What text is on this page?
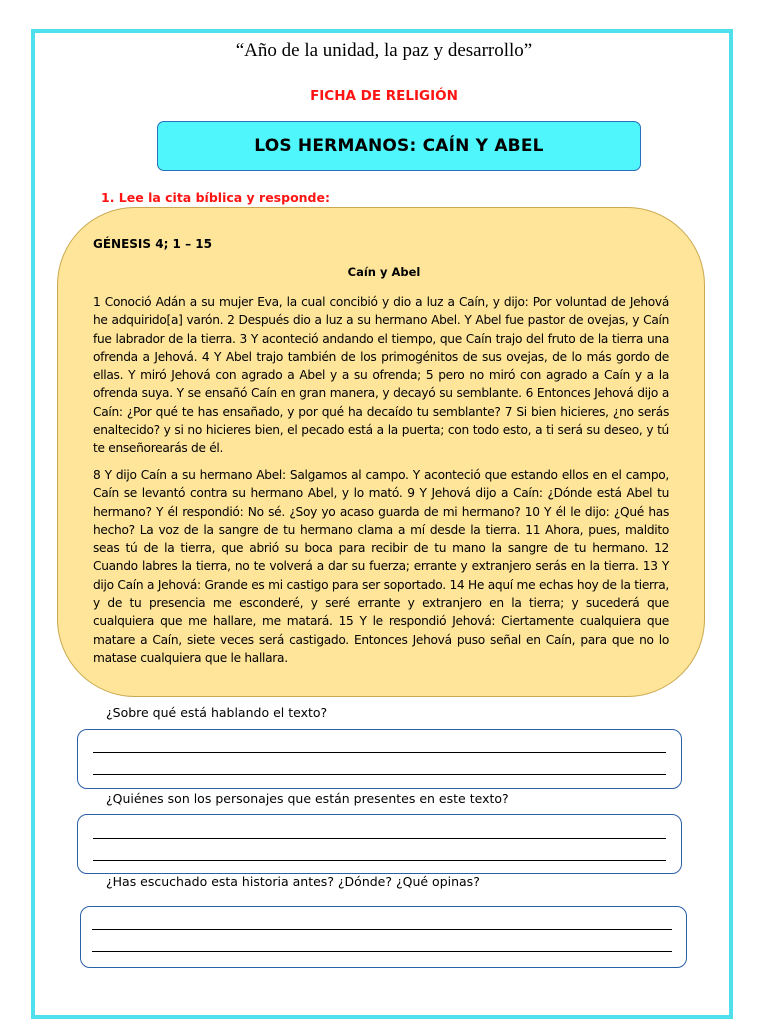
“Año de la unidad, la paz y desarrollo”
FICHA DE RELIGIÓN
LOS HERMANOS: CAÍN Y ABEL
1. Lee la cita bíblica y responde:
GÉNESIS 4; 1 – 15
Caín y Abel

1 Conoció Adán a su mujer Eva, la cual concibió y dio a luz a Caín, y dijo: Por voluntad de Jehová he adquirido[a] varón. 2 Después dio a luz a su hermano Abel. Y Abel fue pastor de ovejas, y Caín fue labrador de la tierra. 3 Y aconteció andando el tiempo, que Caín trajo del fruto de la tierra una ofrenda a Jehová. 4 Y Abel trajo también de los primogénitos de sus ovejas, de lo más gordo de ellas. Y miró Jehová con agrado a Abel y a su ofrenda; 5 pero no miró con agrado a Caín y a la ofrenda suya. Y se ensañó Caín en gran manera, y decayó su semblante. 6 Entonces Jehová dijo a Caín: ¿Por qué te has ensañado, y por qué ha decaído tu semblante? 7 Si bien hicieres, ¿no serás enaltecido? y si no hicieres bien, el pecado está a la puerta; con todo esto, a ti será su deseo, y tú te enseñorearás de él.

8 Y dijo Caín a su hermano Abel: Salgamos al campo. Y aconteció que estando ellos en el campo, Caín se levantó contra su hermano Abel, y lo mató. 9 Y Jehová dijo a Caín: ¿Dónde está Abel tu hermano? Y él respondió: No sé. ¿Soy yo acaso guarda de mi hermano? 10 Y él le dijo: ¿Qué has hecho? La voz de la sangre de tu hermano clama a mí desde la tierra. 11 Ahora, pues, maldito seas tú de la tierra, que abrió su boca para recibir de tu mano la sangre de tu hermano. 12 Cuando labres la tierra, no te volverá a dar su fuerza; errante y extranjero serás en la tierra. 13 Y dijo Caín a Jehová: Grande es mi castigo para ser soportado. 14 He aquí me echas hoy de la tierra, y de tu presencia me esconderé, y seré errante y extranjero en la tierra; y sucederá que cualquiera que me hallare, me matará. 15 Y le respondió Jehová: Ciertamente cualquiera que matare a Caín, siete veces será castigado. Entonces Jehová puso señal en Caín, para que no lo matase cualquiera que le hallara.

¿Sobre qué está hablando el texto?
¿Quiénes son los personajes que están presentes en este texto?
¿Has escuchado esta historia antes? ¿Dónde? ¿Qué opinas?
